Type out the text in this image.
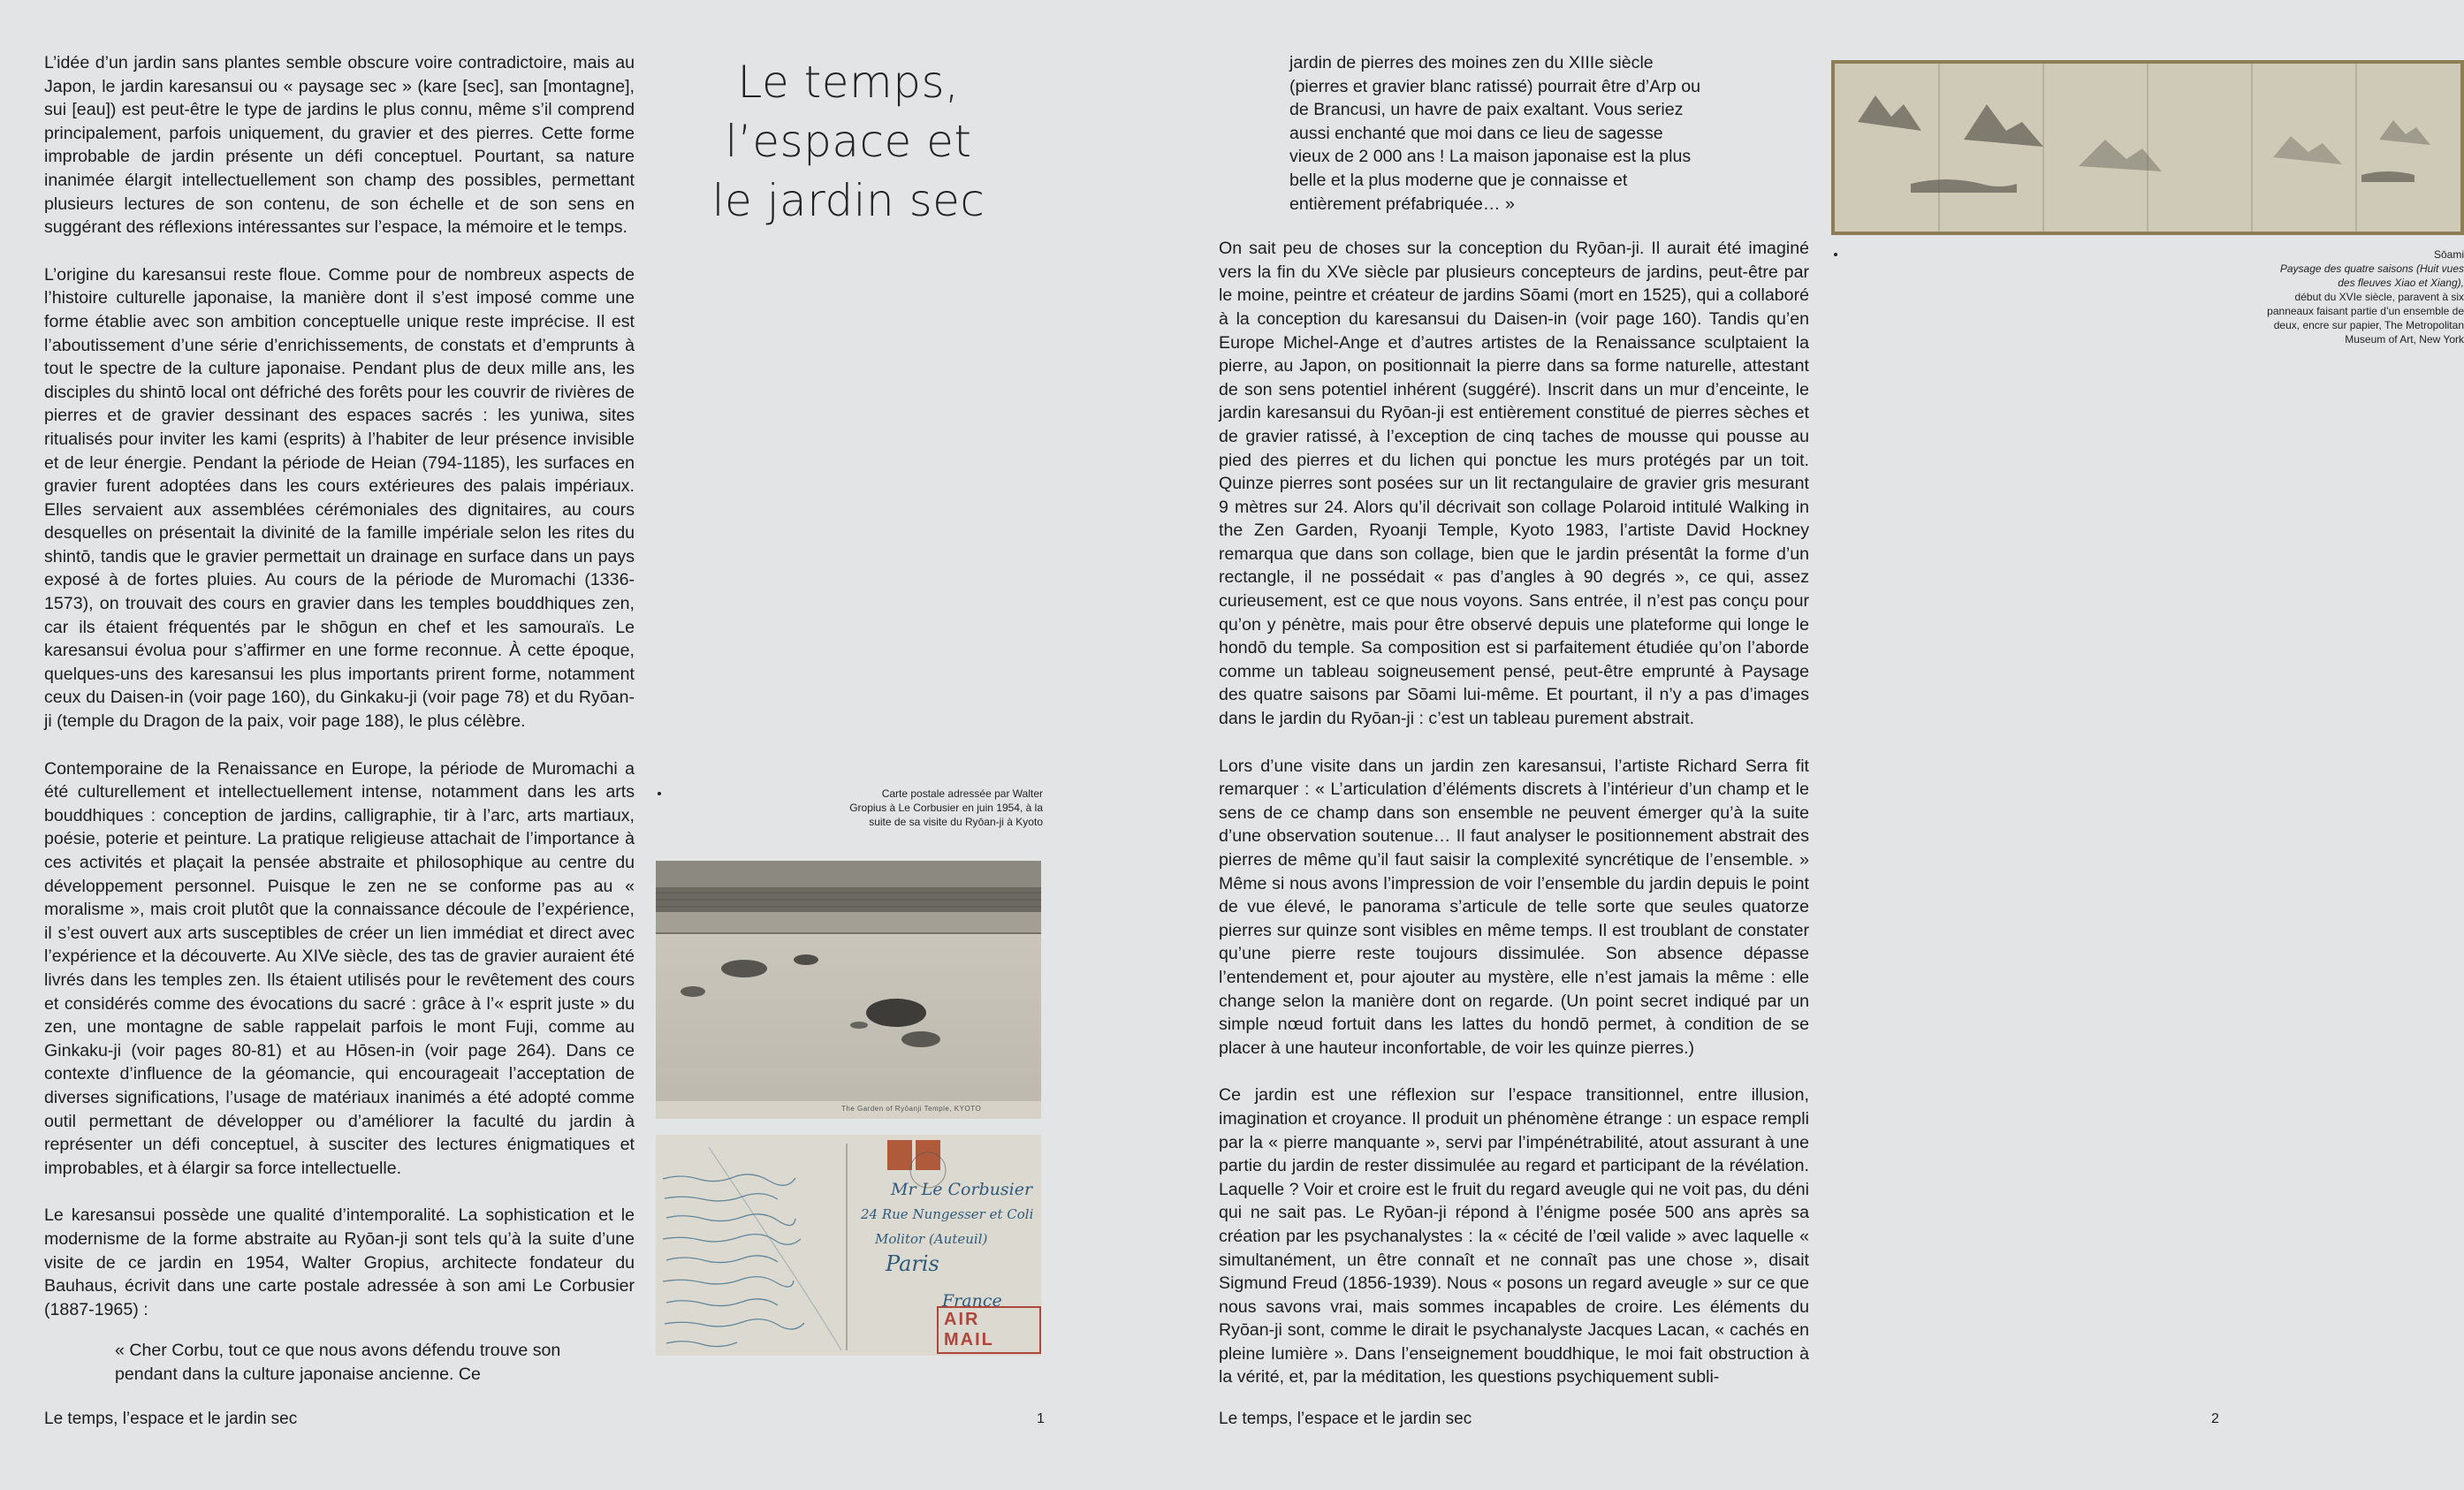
L’idée d’un jardin sans plantes semble obscure voire contradictoire, mais au Japon, le jardin karesansui ou « paysage sec » (kare [sec], san [montagne], sui [eau]) est peut-être le type de jardins le plus connu, même s’il comprend principalement, parfois uniquement, du gravier et des pierres. Cette forme improbable de jardin présente un défi conceptuel. Pourtant, sa nature inanimée élargit intellectuellement son champ des possibles, permettant plusieurs lectures de son contenu, de son échelle et de son sens en suggérant des réflexions intéressantes sur l’espace, la mémoire et le temps.

L’origine du karesansui reste floue. Comme pour de nombreux aspects de l’histoire culturelle japonaise, la manière dont il s’est imposé comme une forme établie avec son ambition conceptuelle unique reste imprécise. Il est l’aboutissement d’une série d’enrichissements, de constats et d’emprunts à tout le spectre de la culture japonaise. Pendant plus de deux mille ans, les disciples du shintō local ont défriché des forêts pour les couvrir de rivières de pierres et de gravier dessinant des espaces sacrés : les yuniwa, sites ritualisés pour inviter les kami (esprits) à l’habiter de leur présence invisible et de leur énergie. Pendant la période de Heian (794-1185), les surfaces en gravier furent adoptées dans les cours extérieures des palais impériaux. Elles servaient aux assemblées cérémoniales des dignitaires, au cours desquelles on présentait la divinité de la famille impériale selon les rites du shintō, tandis que le gravier permettait un drainage en surface dans un pays exposé à de fortes pluies. Au cours de la période de Muromachi (1336-1573), on trouvait des cours en gravier dans les temples bouddhiques zen, car ils étaient fréquentés par le shōgun en chef et les samouraïs. Le karesansui évolua pour s’affirmer en une forme reconnue. À cette époque, quelques-uns des karesansui les plus importants prirent forme, notamment ceux du Daisen-in (voir page 160), du Ginkaku-ji (voir page 78) et du Ryōan-ji (temple du Dragon de la paix, voir page 188), le plus célèbre.

Contemporaine de la Renaissance en Europe, la période de Muromachi a été culturellement et intellectuellement intense, notamment dans les arts bouddhiques : conception de jardins, calligraphie, tir à l’arc, arts martiaux, poésie, poterie et peinture. La pratique religieuse attachait de l’importance à ces activités et plaçait la pensée abstraite et philosophique au centre du développement personnel. Puisque le zen ne se conforme pas au « moralisme », mais croit plutôt que la connaissance découle de l’expérience, il s’est ouvert aux arts susceptibles de créer un lien immédiat et direct avec l’expérience et la découverte. Au XIVe siècle, des tas de gravier auraient été livrés dans les temples zen. Ils étaient utilisés pour le revêtement des cours et considérés comme des évocations du sacré : grâce à l’« esprit juste » du zen, une montagne de sable rappelait parfois le mont Fuji, comme au Ginkaku-ji (voir pages 80-81) et au Hōsen-in (voir page 264). Dans ce contexte d’influence de la géomancie, qui encourageait l’acceptation de diverses significations, l’usage de matériaux inanimés a été adopté comme outil permettant de développer ou d’améliorer la faculté du jardin à représenter un défi conceptuel, à susciter des lectures énigmatiques et improbables, et à élargir sa force intellectuelle.

Le karesansui possède une qualité d’intemporalité. La sophistication et le modernisme de la forme abstraite au Ryōan-ji sont tels qu’à la suite d’une visite de ce jardin en 1954, Walter Gropius, architecte fondateur du Bauhaus, écrivit dans une carte postale adressée à son ami Le Corbusier (1887-1965) :

« Cher Corbu, tout ce que nous avons défendu trouve son pendant dans la culture japonaise ancienne. Ce

Le temps, l’espace et le jardin sec
Carte postale adressée par Walter Gropius à Le Corbusier en juin 1954, à la suite de sa visite du Ryōan-ji à Kyoto
The Garden of Ryōanji Temple, KYOTO
Mr Le Corbusier
24 Rue Nungesser et Coli
Molitor (Auteuil)
Paris
France
AIR MAIL
Le temps, l’espace et le jardin sec	1

jardin de pierres des moines zen du XIIIe siècle (pierres et gravier blanc ratissé) pourrait être d’Arp ou de Brancusi, un havre de paix exaltant. Vous seriez aussi enchanté que moi dans ce lieu de sagesse vieux de 2 000 ans ! La maison japonaise est la plus belle et la plus moderne que je connaisse et entièrement préfabriquée… »

On sait peu de choses sur la conception du Ryōan-ji. Il aurait été imaginé vers la fin du XVe siècle par plusieurs concepteurs de jardins, peut-être par le moine, peintre et créateur de jardins Sōami (mort en 1525), qui a collaboré à la conception du karesansui du Daisen-in (voir page 160). Tandis qu’en Europe Michel-Ange et d’autres artistes de la Renaissance sculptaient la pierre, au Japon, on positionnait la pierre dans sa forme naturelle, attestant de son sens potentiel inhérent (suggéré). Inscrit dans un mur d’enceinte, le jardin karesansui du Ryōan-ji est entièrement constitué de pierres sèches et de gravier ratissé, à l’exception de cinq taches de mousse qui pousse au pied des pierres et du lichen qui ponctue les murs protégés par un toit. Quinze pierres sont posées sur un lit rectangulaire de gravier gris mesurant 9 mètres sur 24. Alors qu’il décrivait son collage Polaroid intitulé Walking in the Zen Garden, Ryoanji Temple, Kyoto 1983, l’artiste David Hockney remarqua que dans son collage, bien que le jardin présentât la forme d’un rectangle, il ne possédait « pas d’angles à 90 degrés », ce qui, assez curieusement, est ce que nous voyons. Sans entrée, il n’est pas conçu pour qu’on y pénètre, mais pour être observé depuis une plateforme qui longe le hondō du temple. Sa composition est si parfaitement étudiée qu’on l’aborde comme un tableau soigneusement pensé, peut-être emprunté à Paysage des quatre saisons par Sōami lui-même. Et pourtant, il n’y a pas d’images dans le jardin du Ryōan-ji : c’est un tableau purement abstrait.

Lors d’une visite dans un jardin zen karesansui, l’artiste Richard Serra fit remarquer : « L’articulation d’éléments discrets à l’intérieur d’un champ et le sens de ce champ dans son ensemble ne peuvent émerger qu’à la suite d’une observation soutenue… Il faut analyser le positionnement abstrait des pierres de même qu’il faut saisir la complexité syncrétique de l’ensemble. » Même si nous avons l’impression de voir l’ensemble du jardin depuis le point de vue élevé, le panorama s’articule de telle sorte que seules quatorze pierres sur quinze sont visibles en même temps. Il est troublant de constater qu’une pierre reste toujours dissimulée. Son absence dépasse l’entendement et, pour ajouter au mystère, elle n’est jamais la même : elle change selon la manière dont on regarde. (Un point secret indiqué par un simple nœud fortuit dans les lattes du hondō permet, à condition de se placer à une hauteur inconfortable, de voir les quinze pierres.)

Ce jardin est une réflexion sur l’espace transitionnel, entre illusion, imagination et croyance. Il produit un phénomène étrange : un espace rempli par la « pierre manquante », servi par l’impénétrabilité, atout assurant à une partie du jardin de rester dissimulée au regard et participant de la révélation. Laquelle ? Voir et croire est le fruit du regard aveugle qui ne voit pas, du déni qui ne sait pas. Le Ryōan-ji répond à l’énigme posée 500 ans après sa création par les psychanalystes : la « cécité de l’œil valide » avec laquelle « simultanément, un être connaît et ne connaît pas une chose », disait Sigmund Freud (1856-1939). Nous « posons un regard aveugle » sur ce que nous savons vrai, mais sommes incapables de croire. Les éléments du Ryōan-ji sont, comme le dirait le psychanalyste Jacques Lacan, « cachés en pleine lumière ». Dans l’enseignement bouddhique, le moi fait obstruction à la vérité, et, par la méditation, les questions psychiquement subli-

Sōami
Paysage des quatre saisons (Huit vues des fleuves Xiao et Xiang),
début du XVIe siècle, paravent à six panneaux faisant partie d’un ensemble de deux, encre sur papier, The Metropolitan Museum of Art, New York
Le temps, l’espace et le jardin sec	2
